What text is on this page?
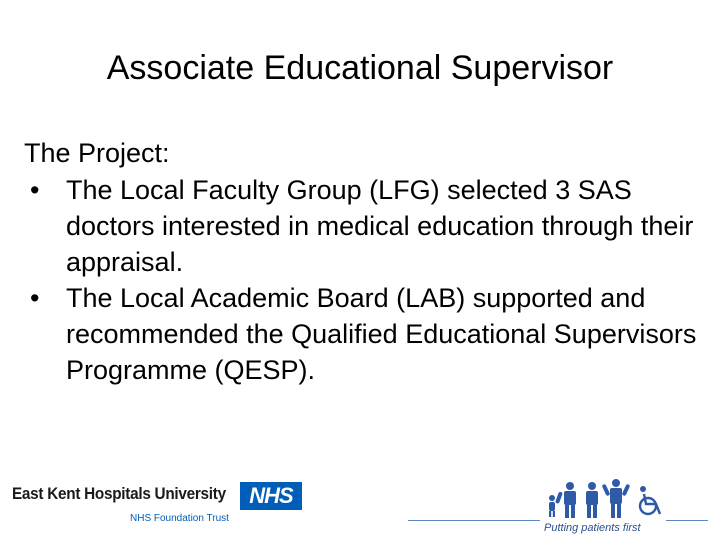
Associate Educational Supervisor

The Project:

• The Local Faculty Group (LFG) selected 3 SAS doctors interested in medical education through their appraisal.
• The Local Academic Board (LAB) supported and recommended the Qualified Educational Supervisors Programme (QESP).
East Kent Hospitals University	NHS
NHS Foundation Trust
Putting patients first
